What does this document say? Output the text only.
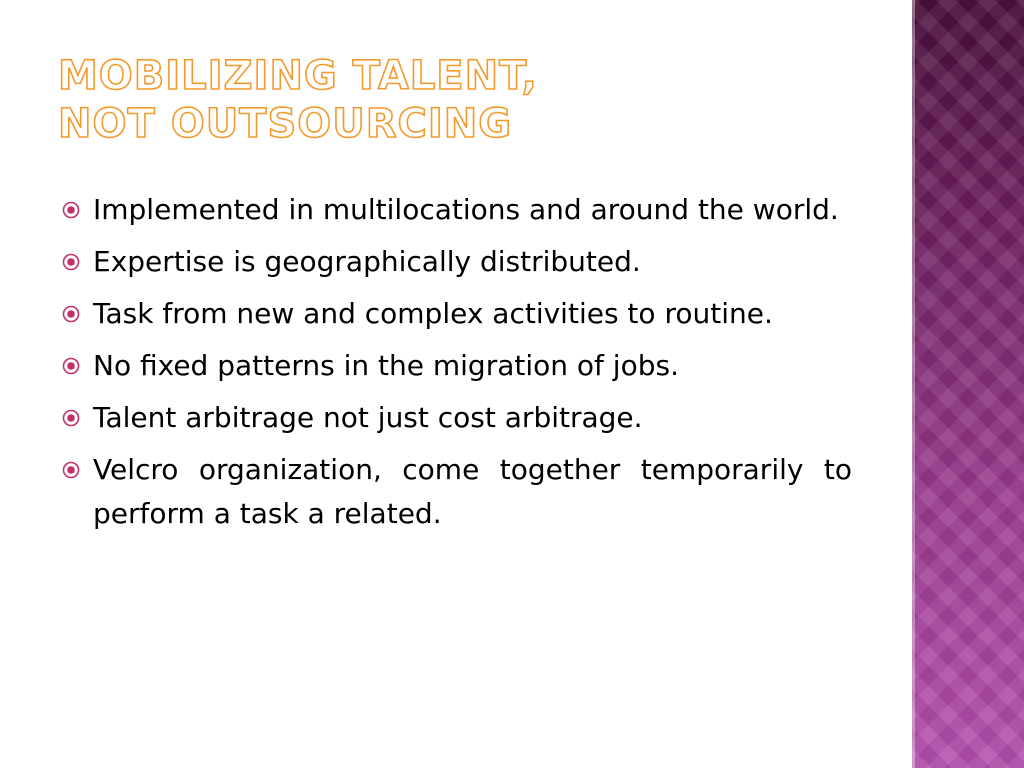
MOBILIZING TALENT,
NOT OUTSOURCING
Implemented in multilocations and around the world.
Expertise is geographically distributed.
Task from new and complex activities to routine.
No fixed patterns in the migration of jobs.
Talent arbitrage not just cost arbitrage.
Velcro organization, come together temporarily to perform a task a related.
